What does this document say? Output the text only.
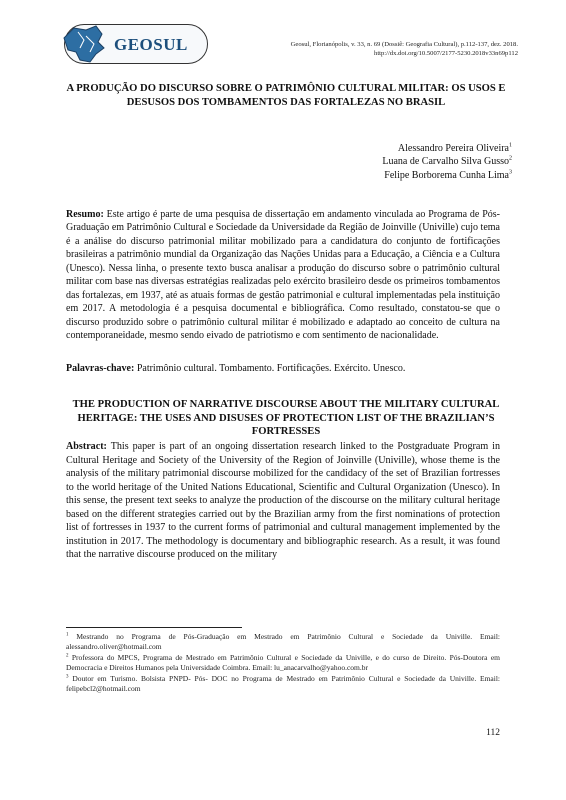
GEOSUL	Geosul, Florianópolis, v. 33, n. 69 (Dossiê: Geografia Cultural), p.112-137, dez. 2018.
http://dx.doi.org/10.5007/2177-5230.2018v33n69p112
A PRODUÇÃO DO DISCURSO SOBRE O PATRIMÔNIO CULTURAL MILITAR: OS USOS E DESUSOS DOS TOMBAMENTOS DAS FORTALEZAS NO BRASIL
Alessandro Pereira Oliveira$^1$
Luana de Carvalho Silva Gusso$^2$
Felipe Borborema Cunha Lima$^3$
Resumo: Este artigo é parte de uma pesquisa de dissertação em andamento vinculada ao Programa de Pós-Graduação em Patrimônio Cultural e Sociedade da Universidade da Região de Joinville (Univille) cujo tema é a análise do discurso patrimonial militar mobilizado para a candidatura do conjunto de fortificações brasileiras a patrimônio mundial da Organização das Nações Unidas para a Educação, a Ciência e a Cultura (Unesco). Nessa linha, o presente texto busca analisar a produção do discurso sobre o patrimônio cultural militar com base nas diversas estratégias realizadas pelo exército brasileiro desde os primeiros tombamentos das fortalezas, em 1937, até as atuais formas de gestão patrimonial e cultural implementadas pela instituição em 2017. A metodologia é a pesquisa documental e bibliográfica. Como resultado, constatou-se que o discurso produzido sobre o patrimônio cultural militar é mobilizado e adaptado ao conceito de cultura na contemporaneidade, mesmo sendo eivado de patriotismo e com sentimento de nacionalidade.
Palavras-chave: Patrimônio cultural. Tombamento. Fortificações. Exército. Unesco.
THE PRODUCTION OF NARRATIVE DISCOURSE ABOUT THE MILITARY CULTURAL HERITAGE: THE USES AND DISUSES OF PROTECTION LIST OF THE BRAZILIAN’S FORTRESSES
Abstract: This paper is part of an ongoing dissertation research linked to the Postgraduate Program in Cultural Heritage and Society of the University of the Region of Joinville (Univille), whose theme is the analysis of the military patrimonial discourse mobilized for the candidacy of the set of Brazilian fortresses to the world heritage of the United Nations Educational, Scientific and Cultural Organization (Unesco). In this sense, the present text seeks to analyze the production of the discourse on the military cultural heritage based on the different strategies carried out by the Brazilian army from the first nominations of protection list of fortresses in 1937 to the current forms of patrimonial and cultural management implemented by the institution in 2017. The methodology is documentary and bibliographic research. As a result, it was found that the narrative discourse produced on the military

$^1$ Mestrando no Programa de Pós-Graduação em Mestrado em Patrimônio Cultural e Sociedade da Univille. Email: alessandro.oliver@hotmail.com

$^2$ Professora do MPCS, Programa de Mestrado em Patrimônio Cultural e Sociedade da Univille, e do curso de Direito. Pós-Doutora em Democracia e Direitos Humanos pela Universidade Coimbra. Email: lu_anacarvalho@yahoo.com.br

$^3$ Doutor em Turismo. Bolsista PNPD- Pós- DOC no Programa de Mestrado em Patrimônio Cultural e Sociedade da Univille. Email: felipebcl2@hotmail.com

112
